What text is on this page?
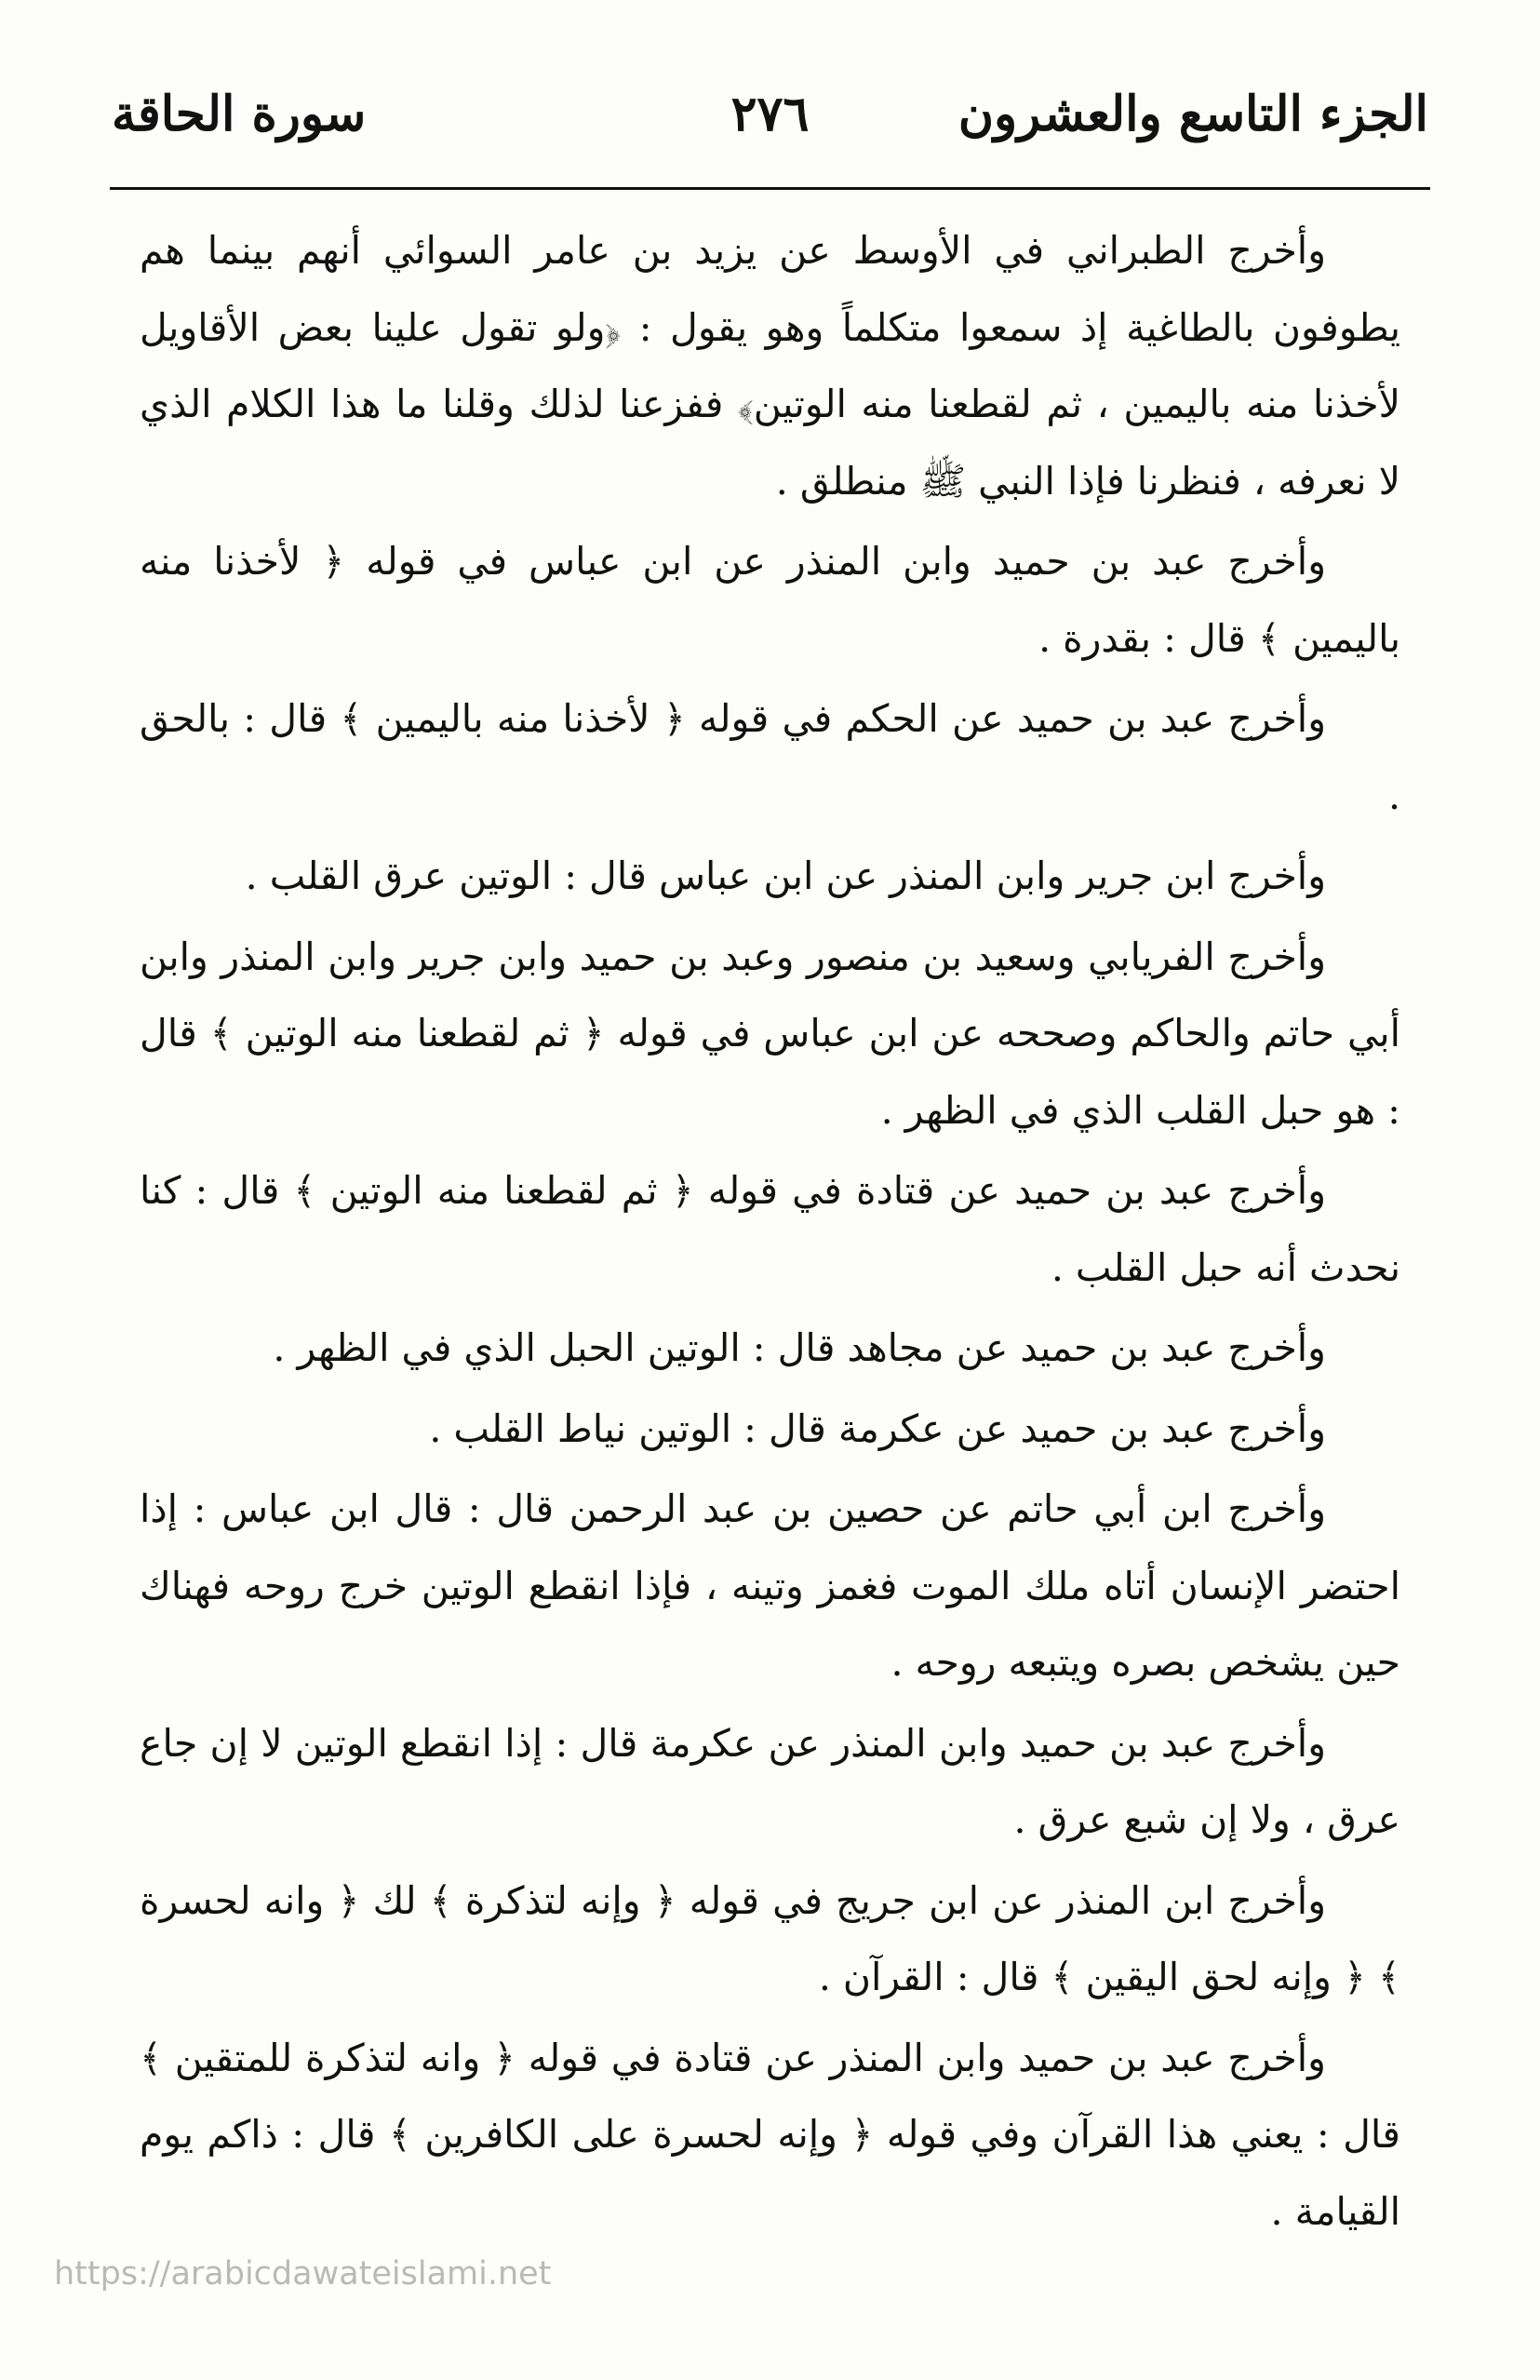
الجزء التاسع والعشرون
٢٧٦
سورة الحاقة

وأخرج الطبراني في الأوسط عن يزيد بن عامر السوائي أنهم بينما هم يطوفون بالطاغية إذ سمعوا متكلماً وهو يقول : ﴿ولو تقول علينا بعض الأقاويل لأخذنا منه باليمين ، ثم لقطعنا منه الوتين﴾ ففزعنا لذلك وقلنا ما هذا الكلام الذي لا نعرفه ، فنظرنا فإذا النبي ﷺ منطلق .

وأخرج عبد بن حميد وابن المنذر عن ابن عباس في قوله ﴿ لأخذنا منه باليمين ﴾ قال : بقدرة .

وأخرج عبد بن حميد عن الحكم في قوله ﴿ لأخذنا منه باليمين ﴾ قال : بالحق .

وأخرج ابن جرير وابن المنذر عن ابن عباس قال : الوتين عرق القلب .

وأخرج الفريابي وسعيد بن منصور وعبد بن حميد وابن جرير وابن المنذر وابن أبي حاتم والحاكم وصححه عن ابن عباس في قوله ﴿ ثم لقطعنا منه الوتين ﴾ قال : هو حبل القلب الذي في الظهر .

وأخرج عبد بن حميد عن قتادة في قوله ﴿ ثم لقطعنا منه الوتين ﴾ قال : كنا نحدث أنه حبل القلب .

وأخرج عبد بن حميد عن مجاهد قال : الوتين الحبل الذي في الظهر .

وأخرج عبد بن حميد عن عكرمة قال : الوتين نياط القلب .

وأخرج ابن أبي حاتم عن حصين بن عبد الرحمن قال : قال ابن عباس : إذا احتضر الإنسان أتاه ملك الموت فغمز وتينه ، فإذا انقطع الوتين خرج روحه فهناك حين يشخص بصره ويتبعه روحه .

وأخرج عبد بن حميد وابن المنذر عن عكرمة قال : إذا انقطع الوتين لا إن جاع عرق ، ولا إن شبع عرق .

وأخرج ابن المنذر عن ابن جريج في قوله ﴿ وإنه لتذكرة ﴾ لك ﴿ وانه لحسرة ﴾ ﴿ وإنه لحق اليقين ﴾ قال : القرآن .

وأخرج عبد بن حميد وابن المنذر عن قتادة في قوله ﴿ وانه لتذكرة للمتقين ﴾ قال : يعني هذا القرآن وفي قوله ﴿ وإنه لحسرة على الكافرين ﴾ قال : ذاكم يوم القيامة .

https://arabicdawateislami.net
